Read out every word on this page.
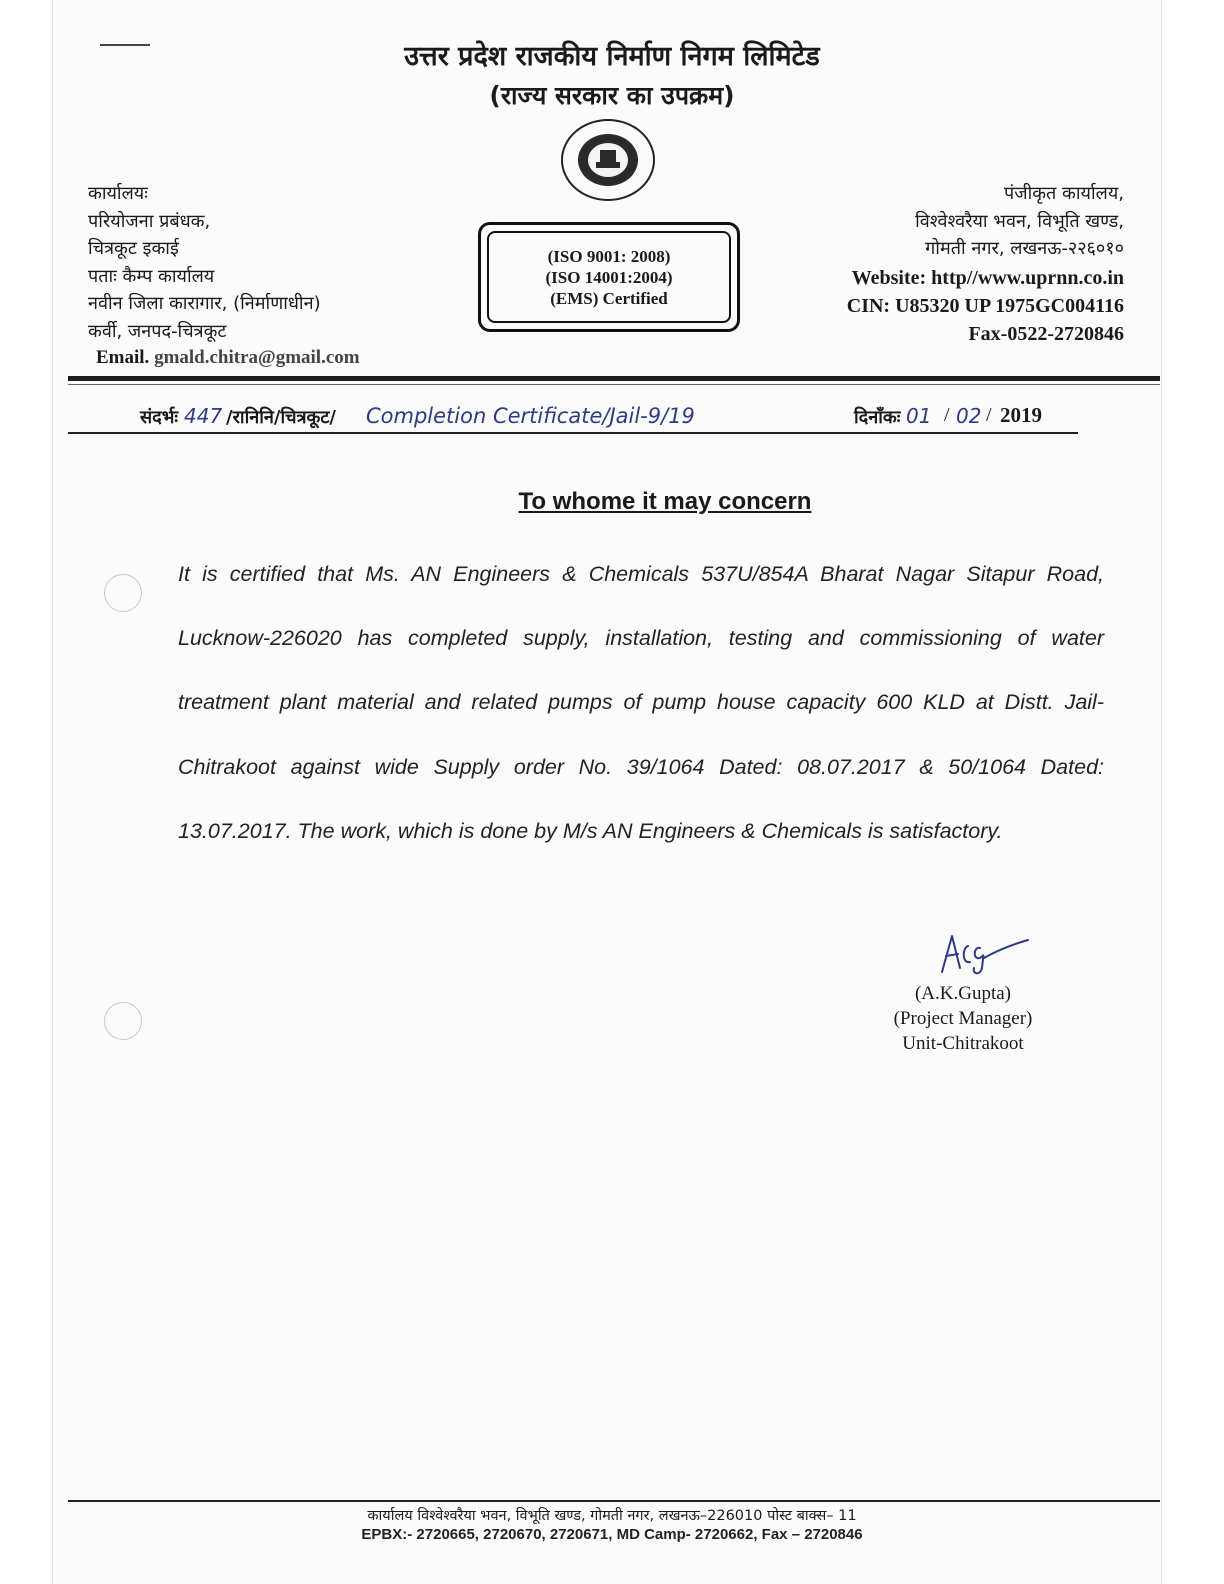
उत्तर प्रदेश राजकीय निर्माण निगम लिमिटेड
(राज्य सरकार का उपक्रम)
कार्यालयः
परियोजना प्रबंधक,
चित्रकूट इकाई
पताः कैम्प कार्यालय
नवीन जिला कारागार, (निर्माणाधीन)
कर्वी, जनपद-चित्रकूट
Email. gmald.chitra@gmail.com
(ISO 9001: 2008)
(ISO 14001:2004)
(EMS) Certified
पंजीकृत कार्यालय,
विश्वेश्वरैया भवन, विभूति खण्ड,
गोमती नगर, लखनऊ-२२६०१०
Website: http//www.uprnn.co.in
CIN: U85320 UP 1975GC004116
Fax-0522-2720846
संदर्भः 447 /रानिनि/चित्रकूट/ Completion Certificate/Jail-9/19	दिनाँकः 01 / 02 / 2019
To whome it may concern
It is certified that Ms. AN Engineers & Chemicals 537U/854A Bharat Nagar Sitapur Road, Lucknow-226020 has completed supply, installation, testing and commissioning of water treatment plant material and related pumps of pump house capacity 600 KLD at Distt. Jail-Chitrakoot against wide Supply order No. 39/1064 Dated: 08.07.2017 & 50/1064 Dated: 13.07.2017. The work, which is done by M/s AN Engineers & Chemicals is satisfactory.
(A.K.Gupta)
(Project Manager)
Unit-Chitrakoot
कार्यालय विश्वेश्वरैया भवन, विभूति खण्ड, गोमती नगर, लखनऊ–226010 पोस्ट बाक्स– 11
EPBX:- 2720665, 2720670, 2720671, MD Camp- 2720662, Fax – 2720846
